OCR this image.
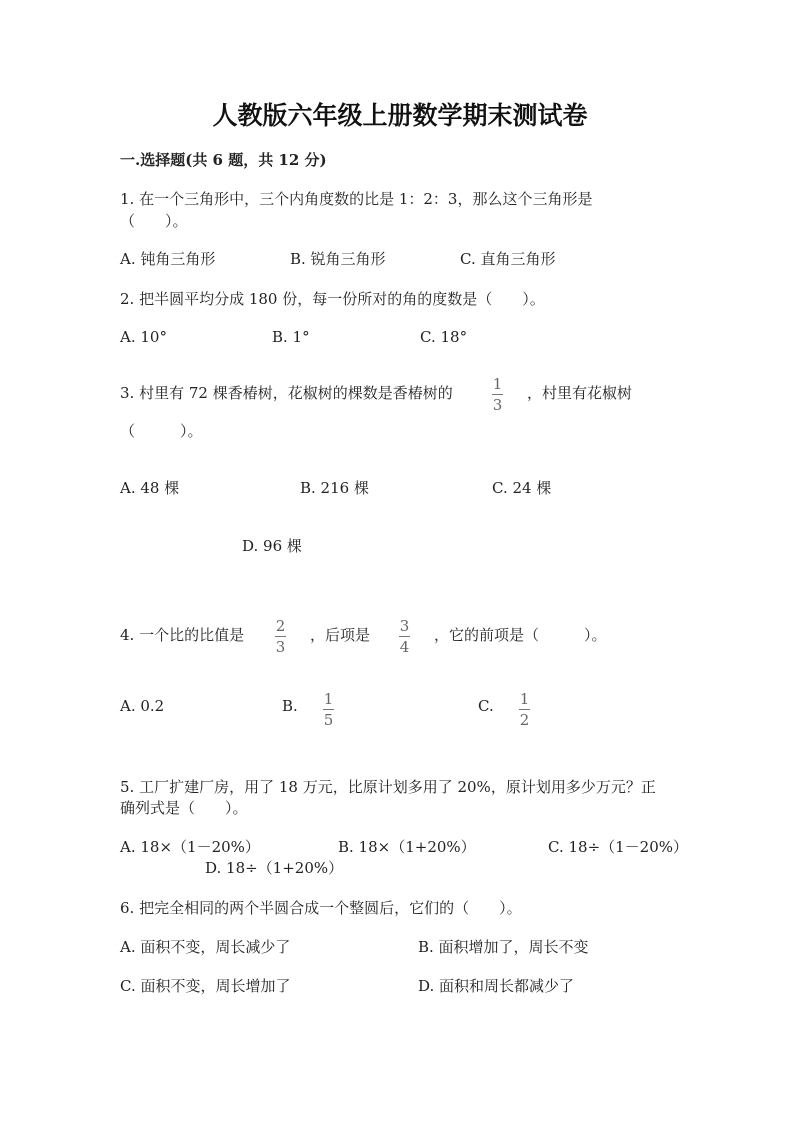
人教版六年级上册数学期末测试卷
一.选择题(共 6 题，共 12 分)
1. 在一个三角形中，三个内角度数的比是 1：2：3，那么这个三角形是
（　　）。
A. 钝角三角形	B. 锐角三角形	C. 直角三角形
2. 把半圆平均分成 180 份，每一份所对的角的度数是（　　）。
A. 10°	B. 1°	C. 18°
3. 村里有 72 棵香椿树，花椒树的棵数是香椿树的	1
3
，村里有花椒树
（　　　）。
A. 48 棵	B. 216 棵	C. 24 棵
D. 96 棵
4. 一个比的比值是 2
3
，后项是 3
4
，它的前项是（　　　）。
A. 0.2	B. 1
5
C. 1
2
5. 工厂扩建厂房，用了 18 万元，比原计划多用了 20%，原计划用多少万元？正
确列式是（　　）。
A. 18×（1－20%）	B. 18×（1+20%）	C. 18÷（1－20%）
D. 18÷（1+20%）
6. 把完全相同的两个半圆合成一个整圆后，它们的（　　）。
A. 面积不变，周长减少了	B. 面积增加了，周长不变
C. 面积不变，周长增加了	D. 面积和周长都减少了
